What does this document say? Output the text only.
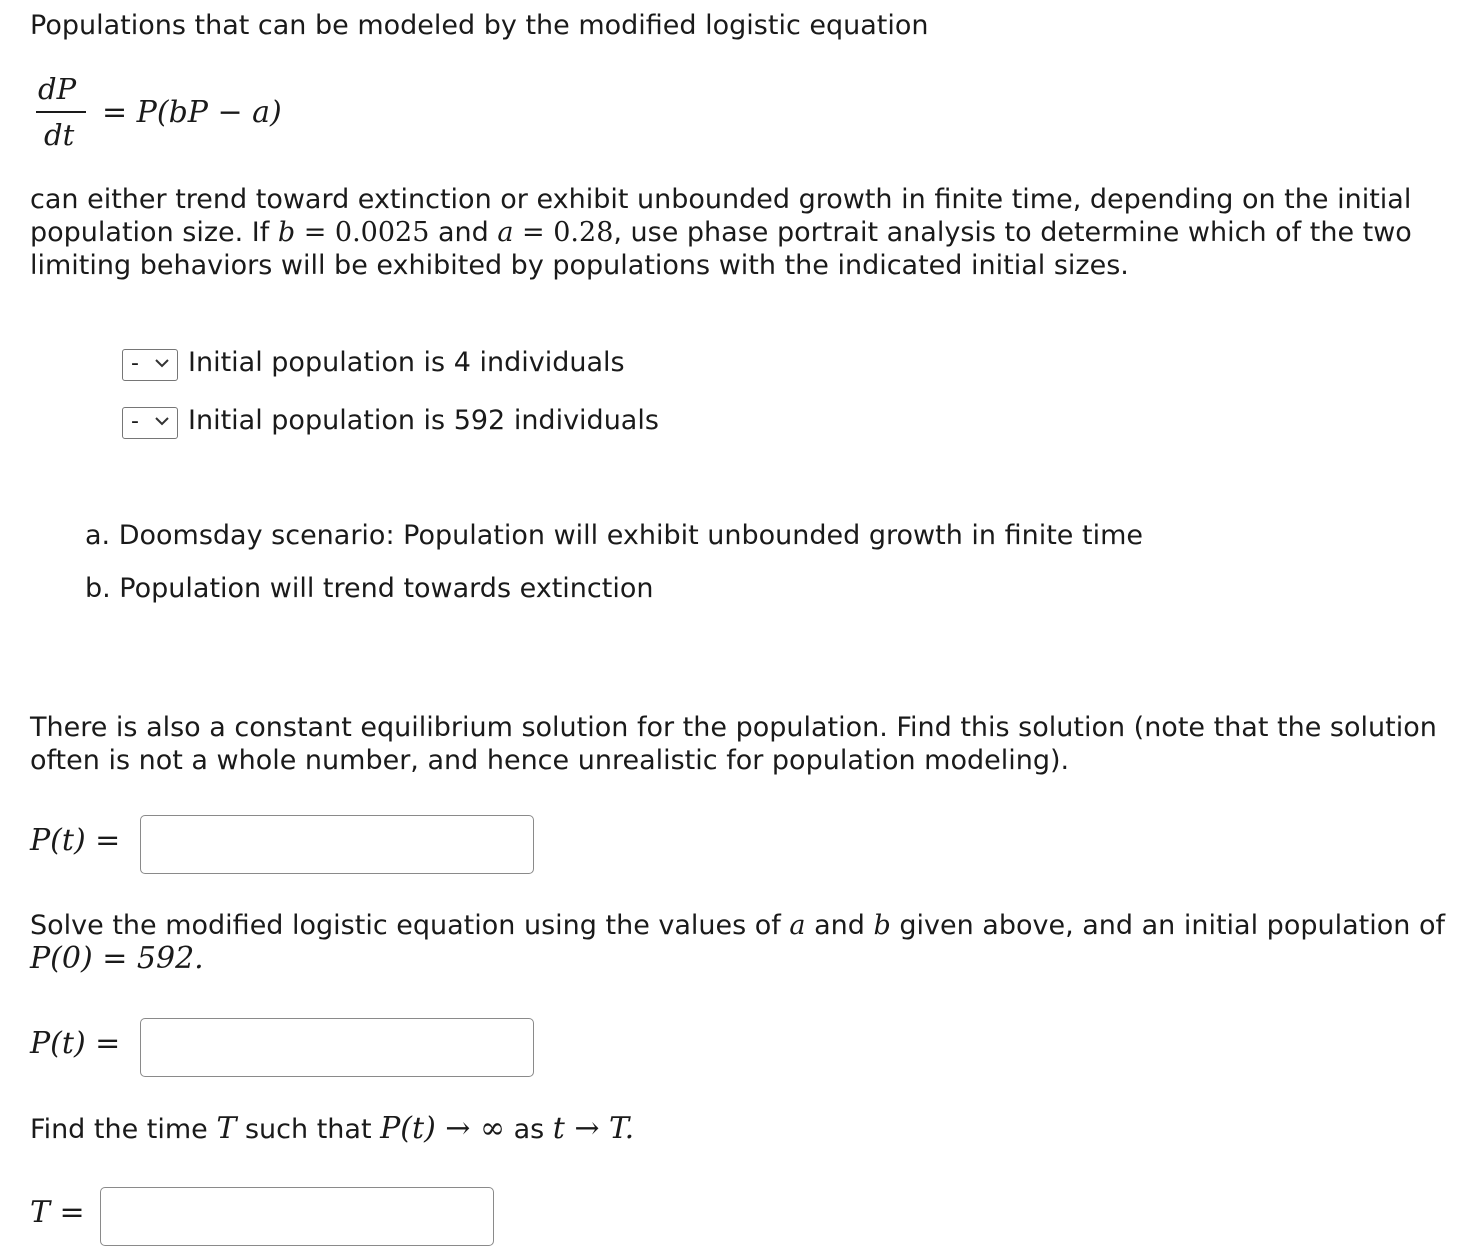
Populations that can be modeled by the modified logistic equation
dP
dt
= P(bP − a)
can either trend toward extinction or exhibit unbounded growth in finite time, depending on the initial
population size. If b = 0.0025 and a = 0.28, use phase portrait analysis to determine which of the two
limiting behaviors will be exhibited by populations with the indicated initial sizes.
- Initial population is 4 individuals
- Initial population is 592 individuals
a. Doomsday scenario: Population will exhibit unbounded growth in finite time
b. Population will trend towards extinction
There is also a constant equilibrium solution for the population. Find this solution (note that the solution
often is not a whole number, and hence unrealistic for population modeling).
P(t) =
Solve the modified logistic equation using the values of a and b given above, and an initial population of
P(0) = 592.
P(t) =
Find the time T such that P(t) → ∞ as t → T.
T =
